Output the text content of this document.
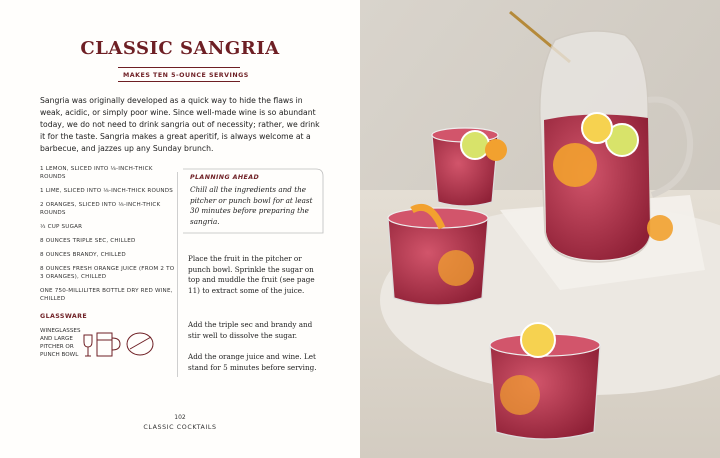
CLASSIC SANGRIA
MAKES TEN 5-OUNCE SERVINGS

Sangria was originally developed as a quick way to hide the flaws in weak, acidic, or simply poor wine. Since well-made wine is so abundant today, we do not need to drink sangria out of necessity; rather, we drink it for the taste. Sangria makes a great aperitif, is always welcome at a barbecue, and jazzes up any Sunday brunch.

1 LEMON, SLICED INTO ⅛-INCH-THICK ROUNDS
1 LIME, SLICED INTO ⅛-INCH-THICK ROUNDS
2 ORANGES, SLICED INTO ⅛-INCH-THICK ROUNDS
⅓ CUP SUGAR
8 OUNCES TRIPLE SEC, CHILLED
8 OUNCES BRANDY, CHILLED
8 OUNCES FRESH ORANGE JUICE (FROM 2 TO 3 ORANGES), CHILLED
ONE 750-MILLILITER BOTTLE DRY RED WINE, CHILLED
GLASSWARE
WINEGLASSES AND LARGE PITCHER OR PUNCH BOWL
PLANNING AHEAD

Chill all the ingredients and the pitcher or punch bowl for at least 30 minutes before preparing the sangria.

Place the fruit in the pitcher or punch bowl. Sprinkle the sugar on top and muddle the fruit (see page 11) to extract some of the juice.

Add the triple sec and brandy and stir well to dissolve the sugar.

Add the orange juice and wine. Let stand for 5 minutes before serving.

102
CLASSIC COCKTAILS
